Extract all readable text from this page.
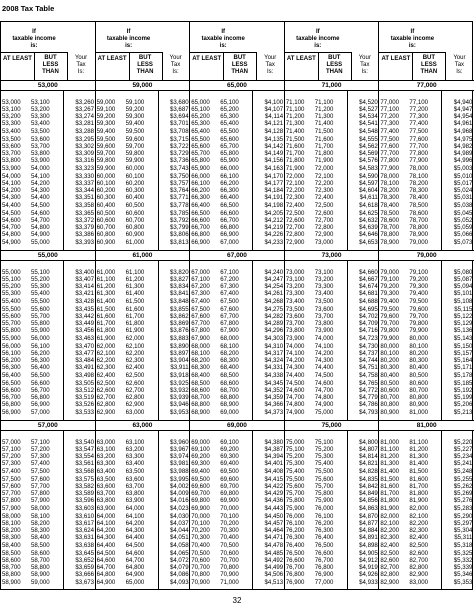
2008 Tax Table
If
taxable income
is:
AT LEAST	BUT
LESS
THAN
Your
Tax
Is:
53,000
53,000	53,100	$3,260
53,100	53,200	$3,267
53,200	53,300	$3,274
53,300	53,400	$3,281
53,400	53,500	$3,288
53,500	53,600	$3,295
53,600	53,700	$3,302
53,700	53,800	$3,309
53,800	53,900	$3,316
53,900	54,000	$3,323
54,000	54,100	$3,330
54,100	54,200	$3,337
54,200	54,300	$3,344
54,300	54,400	$3,351
54,400	54,500	$3,358
54,500	54,600	$3,365
54,600	54,700	$3,372
54,700	54,800	$3,379
54,800	54,900	$3,386
54,900	55,000	$3,393
55,000
55,000	55,100	$3,400
55,100	55,200	$3,407
55,200	55,300	$3,414
55,300	55,400	$3,421
55,400	55,500	$3,428
55,500	55,600	$3,435
55,600	55,700	$3,442
55,700	55,800	$3,449
55,800	55,900	$3,456
55,900	56,000	$3,463
56,000	56,100	$3,470
56,100	56,200	$3,477
56,200	56,300	$3,484
56,300	56,400	$3,491
56,400	56,500	$3,498
56,500	56,600	$3,505
56,600	56,700	$3,512
56,700	56,800	$3,519
56,800	56,900	$3,526
56,900	57,000	$3,533
57,000
57,000	57,100	$3,540
57,100	57,200	$3,547
57,200	57,300	$3,554
57,300	57,400	$3,561
57,400	57,500	$3,568
57,500	57,600	$3,575
57,600	57,700	$3,582
57,700	57,800	$3,589
57,800	57,900	$3,596
57,900	58,000	$3,603
58,000	58,100	$3,610
58,100	58,200	$3,617
58,200	58,300	$3,624
58,300	58,400	$3,631
58,400	58,500	$3,638
58,500	58,600	$3,645
58,600	58,700	$3,652
58,700	58,800	$3,659
58,800	58,900	$3,666
58,900	59,000	$3,673
If
taxable income
is:
AT LEAST	BUT
LESS
THAN
Your
Tax
Is:
59,000
59,000	59,100	$3,680
59,100	59,200	$3,687
59,200	59,300	$3,694
59,300	59,400	$3,701
59,400	59,500	$3,708
59,500	59,600	$3,715
59,600	59,700	$3,722
59,700	59,800	$3,729
59,800	59,900	$3,736
59,900	60,000	$3,743
60,000	60,100	$3,750
60,100	60,200	$3,757
60,200	60,300	$3,764
60,300	60,400	$3,771
60,400	60,500	$3,778
60,500	60,600	$3,785
60,600	60,700	$3,792
60,700	60,800	$3,799
60,800	60,900	$3,806
60,900	61,000	$3,813
61,000
61,000	61,100	$3,820
61,100	61,200	$3,827
61,200	61,300	$3,834
61,300	61,400	$3,841
61,400	61,500	$3,848
61,500	61,600	$3,855
61,600	61,700	$3,862
61,700	61,800	$3,869
61,800	61,900	$3,876
61,900	62,000	$3,883
62,000	62,100	$3,890
62,100	62,200	$3,897
62,200	62,300	$3,904
62,300	62,400	$3,911
62,400	62,500	$3,918
62,500	62,600	$3,925
62,600	62,700	$3,932
62,700	62,800	$3,939
62,800	62,900	$3,946
62,900	63,000	$3,953
63,000
63,000	63,100	$3,960
63,100	63,200	$3,967
63,200	63,300	$3,974
63,300	63,400	$3,981
63,400	63,500	$3,988
63,500	63,600	$3,995
63,600	63,700	$4,002
63,700	63,800	$4,009
63,800	63,900	$4,016
63,900	64,000	$4,023
64,000	64,100	$4,030
64,100	64,200	$4,037
64,200	64,300	$4,044
64,300	64,400	$4,051
64,400	64,500	$4,058
64,500	64,600	$4,065
64,600	64,700	$4,072
64,700	64,800	$4,079
64,800	64,900	$4,086
64,900	65,000	$4,093
If
taxable income
is:
AT LEAST	BUT
LESS
THAN
Your
Tax
Is:
65,000
65,000	65,100	$4,100
65,100	65,200	$4,107
65,200	65,300	$4,114
65,300	65,400	$4,121
65,400	65,500	$4,128
65,500	65,600	$4,135
65,600	65,700	$4,142
65,700	65,800	$4,149
65,800	65,900	$4,156
65,900	66,000	$4,163
66,000	66,100	$4,170
66,100	66,200	$4,177
66,200	66,300	$4,184
66,300	66,400	$4,191
66,400	66,500	$4,198
66,500	66,600	$4,205
66,600	66,700	$4,212
66,700	66,800	$4,219
66,800	66,900	$4,226
66,900	67,000	$4,233
67,000
67,000	67,100	$4,240
67,100	67,200	$4,247
67,200	67,300	$4,254
67,300	67,400	$4,261
67,400	67,500	$4,268
67,500	67,600	$4,275
67,600	67,700	$4,282
67,700	67,800	$4,289
67,800	67,900	$4,296
67,900	68,000	$4,303
68,000	68,100	$4,310
68,100	68,200	$4,317
68,200	68,300	$4,324
68,300	68,400	$4,331
68,400	68,500	$4,338
68,500	68,600	$4,345
68,600	68,700	$4,352
68,700	68,800	$4,359
68,800	68,900	$4,366
68,900	69,000	$4,373
69,000
69,000	69,100	$4,380
69,100	69,200	$4,387
69,200	69,300	$4,394
69,300	69,400	$4,401
69,400	69,500	$4,408
69,500	69,600	$4,415
69,600	69,700	$4,422
69,700	69,800	$4,429
69,800	69,900	$4,436
69,900	70,000	$4,443
70,000	70,100	$4,450
70,100	70,200	$4,457
70,200	70,300	$4,464
70,300	70,400	$4,471
70,400	70,500	$4,478
70,500	70,600	$4,485
70,600	70,700	$4,492
70,700	70,800	$4,499
70,800	70,900	$4,506
70,900	71,000	$4,513
If
taxable income
is:
AT LEAST	BUT
LESS
THAN
Your
Tax
Is:
71,000
71,100	71,100	$4,520
71,100	71,200	$4,527
71,200	71,300	$4,534
71,300	71,400	$4,541
71,400	71,500	$4,548
71,500	71,600	$4,555
71,600	71,700	$4,562
71,700	71,800	$4,569
71,800	71,900	$4,576
71,900	72,000	$4,583
72,000	72,100	$4,590
72,100	72,200	$4,597
72,200	72,300	$4,604
72,300	72,400	$4,611
72,400	72,500	$4,618
72,500	72,600	$4,625
72,600	72,700	$4,632
72,700	72,800	$4,639
72,800	72,900	$4,646
72,900	73,000	$4,653
73,000
73,000	73,100	$4,660
73,100	73,200	$4,667
73,200	73,300	$4,674
73,300	73,400	$4,681
73,400	73,500	$4,688
73,500	73,600	$4,695
73,600	73,700	$4,702
73,700	73,800	$4,709
73,800	73,900	$4,716
73,900	74,000	$4,723
74,000	74,100	$4,730
74,100	74,200	$4,737
74,200	74,300	$4,744
74,300	74,400	$4,751
74,400	74,500	$4,758
74,500	74,600	$4,765
74,600	74,700	$4,772
74,700	74,800	$4,779
74,800	74,900	$4,786
74,900	75,000	$4,793
75,000
75,000	75,100	$4,800
75,100	75,200	$4,807
75,200	75,300	$4,814
75,300	75,400	$4,821
75,400	75,500	$4,828
75,500	75,600	$4,835
75,600	75,700	$4,842
75,700	75,800	$4,849
75,800	75,900	$4,856
75,900	76,000	$4,863
76,000	76,100	$4,870
76,100	76,200	$4,877
76,200	76,300	$4,884
76,300	76,400	$4,891
76,400	76,500	$4,898
76,500	76,600	$4,905
76,600	76,700	$4,912
76,700	76,800	$4,919
76,800	76,900	$4,926
76,900	77,000	$4,933
If
taxable income
is:
AT LEAST	BUT
LESS
THAN
Your
Tax
Is:
77,000
77,000	77,100	$4,940
77,100	77,200	$4,947
77,200	77,300	$4,954
77,300	77,400	$4,961
77,400	77,500	$4,968
77,500	77,600	$4,975
77,600	77,700	$4,982
77,700	77,800	$4,989
77,800	77,900	$4,996
77,900	78,000	$5,003
78,000	78,100	$5,010
78,100	78,200	$5,017
78,200	78,300	$5,024
78,300	78,400	$5,031
78,400	78,500	$5,038
78,500	78,600	$5,045
78,600	78,700	$5,052
78,700	78,800	$5,059
78,800	78,900	$5,066
78,900	79,000	$5,073
79,000
79,000	79,100	$5,080
79,100	79,200	$5,087
79,200	79,300	$5,094
79,300	79,400	$5,101
79,400	79,500	$5,108
79,500	79,600	$5,115
79,600	79,700	$5,122
79,700	79,800	$5,129
79,800	79,900	$5,136
79,900	80,000	$5,143
80,000	80,100	$5,150
80,100	80,200	$5,157
80,200	80,300	$5,164
80,300	80,400	$5,171
80,400	80,500	$5,178
80,500	80,600	$5,185
80,600	80,700	$5,192
80,700	80,800	$5,199
80,800	80,900	$5,206
80,900	81,000	$5,213
81,000
81,000	81,100	$5,220
81,100	81,200	$5,227
81,200	81,300	$5,234
81,300	81,400	$5,241
81,400	81,500	$5,248
81,500	81,600	$5,255
81,600	81,700	$5,262
81,700	81,800	$5,269
81,800	81,900	$5,276
81,900	82,000	$5,283
82,000	82,100	$5,290
82,100	82,200	$5,297
82,200	82,300	$5,304
82,300	82,400	$5,311
82,400	82,500	$5,318
82,500	82,600	$5,325
82,600	82,700	$5,332
82,700	82,800	$5,339
82,800	82,900	$5,346
82,900	83,000	$5,353
32
